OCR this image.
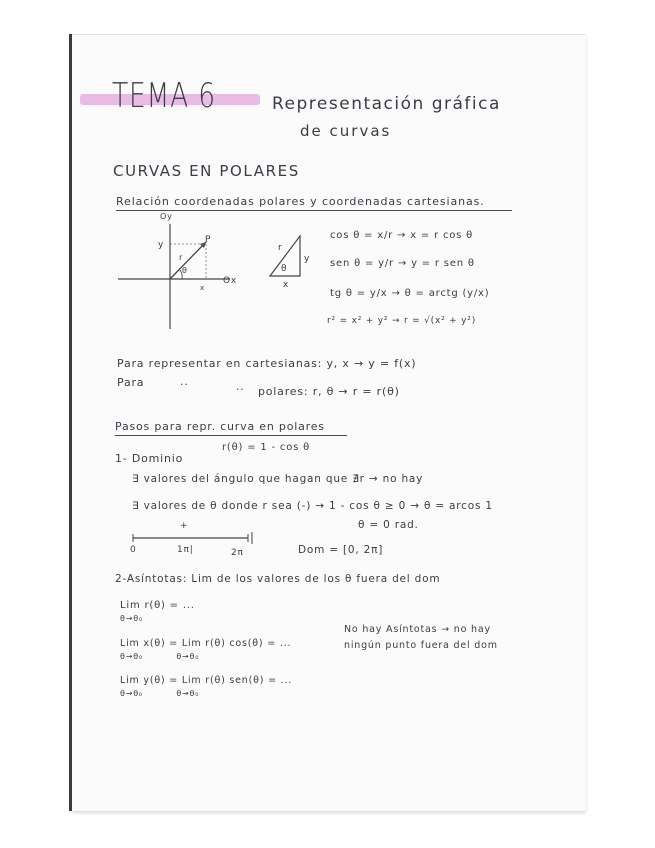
TEMA 6	Representación gráfica
de curvas
CURVAS EN POLARES
Relación coordenadas polares y coordenadas cartesianas.
Oy
Ox
y	P
r
θ
x
r
y
θ
x
cos θ = x/r → x = r cos θ
sen θ = y/r → y = r sen θ
tg θ = y/x → θ = arctg (y/x)
r² = x² + y² → r = √(x² + y²)
Para representar en cartesianas: y, x → y = f(x)
Para	..	.. polares: r, θ → r = r(θ)
Pasos para repr. curva en polares
r(θ) = 1 - cos θ
1- Dominio
∃ valores del ángulo que hagan que ∄r → no hay
∃ valores de θ donde r sea (-) → 1 - cos θ ≥ 0 → θ = arcos 1
θ = 0 rad.
+
0	1π|	2π	Dom = [0, 2π]
2-Asíntotas: Lim de los valores de los θ fuera del dom
Lim r(θ) = ...
θ→θ₀
Lim x(θ) = Lim r(θ) cos(θ) = ...
θ→θ₀          θ→θ₀
Lim y(θ) = Lim r(θ) sen(θ) = ...
θ→θ₀          θ→θ₀
No hay Asíntotas → no hay
ningún punto fuera del dom
